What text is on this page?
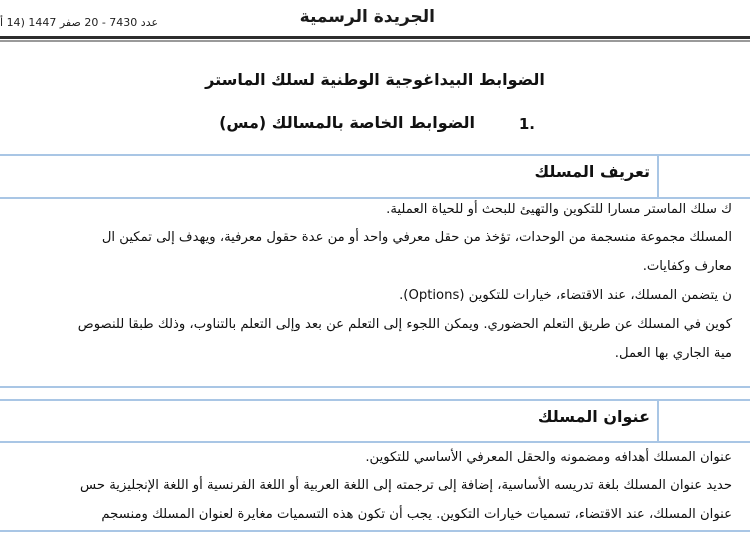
الجريدة الرسمية
عدد 7430 - 20 صفر 1447 (14 أ
الضوابط البيداغوجية الوطنية لسلك الماستر
1.
الضوابط الخاصة بالمسالك (مس)
تعريف المسلك
ك سلك الماستر مسارا للتكوين والتهيئ للبحث أو للحياة العملية.
المسلك مجموعة منسجمة من الوحدات، تؤخذ من حقل معرفي واحد أو من عدة حقول معرفية، ويهدف إلى تمكين ال
معارف وكفايات.
ن يتضمن المسلك، عند الاقتضاء، خيارات للتكوين (Options).
كوين في المسلك عن طريق التعلم الحضوري. ويمكن اللجوء إلى التعلم عن بعد وإلى التعلم بالتناوب، وذلك طبقا للنصوص
مية الجاري بها العمل.
عنوان المسلك
عنوان المسلك أهدافه ومضمونه والحقل المعرفي الأساسي للتكوين.
حديد عنوان المسلك بلغة تدريسه الأساسية، إضافة إلى ترجمته إلى اللغة العربية أو اللغة الفرنسية أو اللغة الإنجليزية حس
عنوان المسلك، عند الاقتضاء، تسميات خيارات التكوين. يجب أن تكون هذه التسميات مغايرة لعنوان المسلك ومنسجم
